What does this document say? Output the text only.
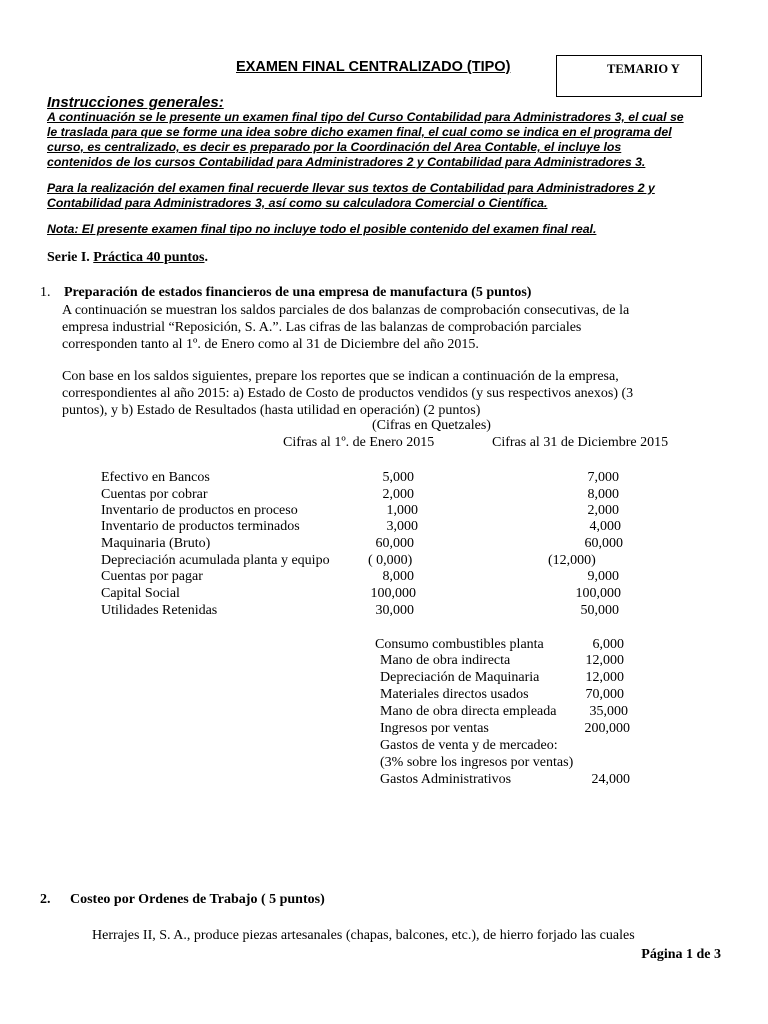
EXAMEN FINAL CENTRALIZADO (TIPO)	TEMARIO Y
Instrucciones generales:
A continuación se le presente un examen final tipo del Curso Contabilidad para Administradores 3, el cual se
le traslada para que se forme una idea sobre dicho examen final, el cual como se indica en el programa del
curso, es centralizado, es decir es preparado por la Coordinación del Area Contable, el incluye los
contenidos de los cursos Contabilidad para Administradores 2 y Contabilidad para Administradores 3.
Para la realización del examen final recuerde llevar sus textos de Contabilidad para Administradores 2 y
Contabilidad para Administradores 3, así como su calculadora Comercial o Científica.
Nota: El presente examen final tipo no incluye todo el posible contenido del examen final real.
Serie I. Práctica 40 puntos.
1. Preparación de estados financieros de una empresa de manufactura (5 puntos)
A continuación se muestran los saldos parciales de dos balanzas de comprobación consecutivas, de la
empresa industrial “Reposición, S. A.”. Las cifras de las balanzas de comprobación parciales
corresponden tanto al 1º. de Enero como al 31 de Diciembre del año 2015.
Con base en los saldos siguientes, prepare los reportes que se indican a continuación de la empresa,
correspondientes al año 2015: a) Estado de Costo de productos vendidos (y sus respectivos anexos) (3
puntos), y b) Estado de Resultados (hasta utilidad en operación) (2 puntos)
(Cifras en Quetzales)
Cifras al 1º. de Enero 2015	Cifras al 31 de Diciembre 2015
Efectivo en Bancos	5,000	7,000
Cuentas por cobrar	2,000	8,000
Inventario de productos en proceso	1,000	2,000
Inventario de productos terminados	3,000	4,000
Maquinaria (Bruto)	60,000	60,000
Depreciación acumulada planta y equipo	( 0,000)	(12,000)
Cuentas por pagar	8,000	9,000
Capital Social	100,000	100,000
Utilidades Retenidas	30,000	50,000
Consumo combustibles planta	6,000
Mano de obra indirecta	12,000
Depreciación de Maquinaria	12,000
Materiales directos usados	70,000
Mano de obra directa empleada	35,000
Ingresos por ventas	200,000
Gastos de venta y de mercadeo:
(3% sobre los ingresos por ventas)
Gastos Administrativos	24,000
2. Costeo por Ordenes de Trabajo ( 5 puntos)
Herrajes II, S. A., produce piezas artesanales (chapas, balcones, etc.), de hierro forjado las cuales
Página 1 de 3
